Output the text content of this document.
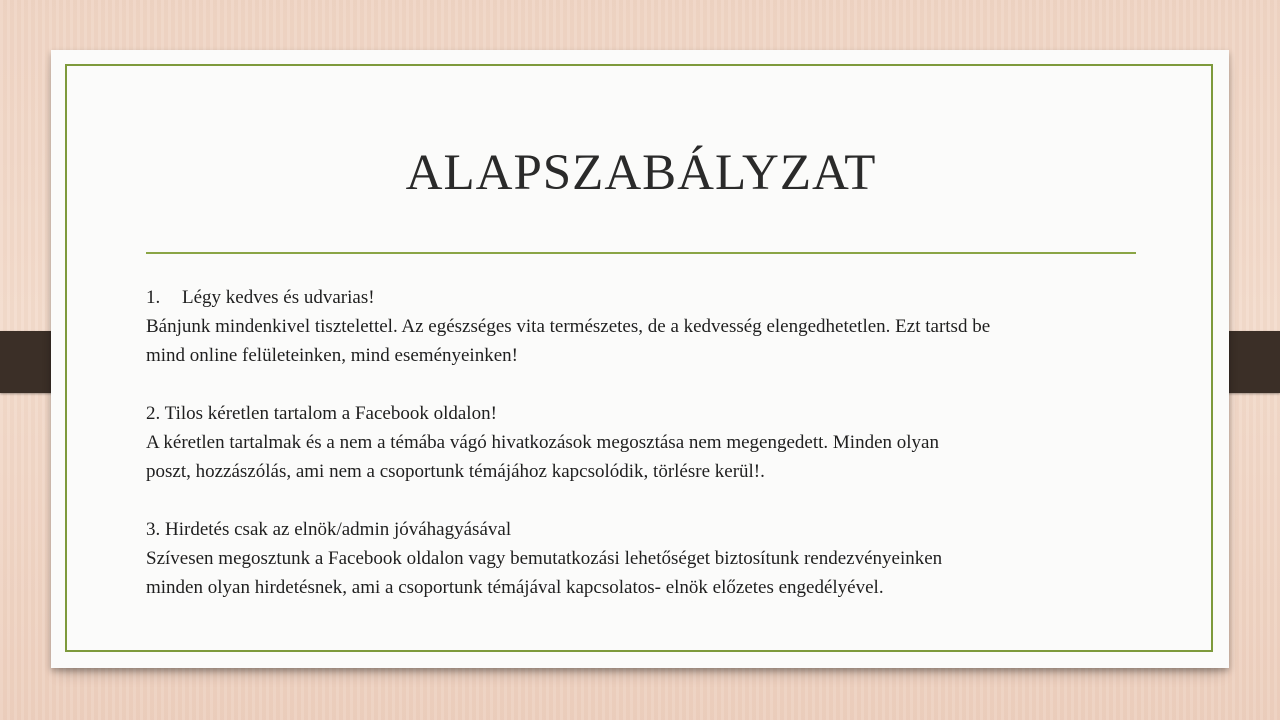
ALAPSZABÁLYZAT

1. Légy kedves és udvarias!

Bánjunk mindenkivel tisztelettel. Az egészséges vita természetes, de a kedvesség elengedhetetlen. Ezt tartsd be

mind online felületeinken, mind eseményeinken!

2. Tilos kéretlen tartalom a Facebook oldalon!

A kéretlen tartalmak és a nem a témába vágó hivatkozások megosztása nem megengedett. Minden olyan

poszt, hozzászólás, ami nem a csoportunk témájához kapcsolódik, törlésre kerül!.

3. Hirdetés csak az elnök/admin jóváhagyásával

Szívesen megosztunk a Facebook oldalon vagy bemutatkozási lehetőséget biztosítunk rendezvényeinken

minden olyan hirdetésnek, ami a csoportunk témájával kapcsolatos- elnök előzetes engedélyével.
